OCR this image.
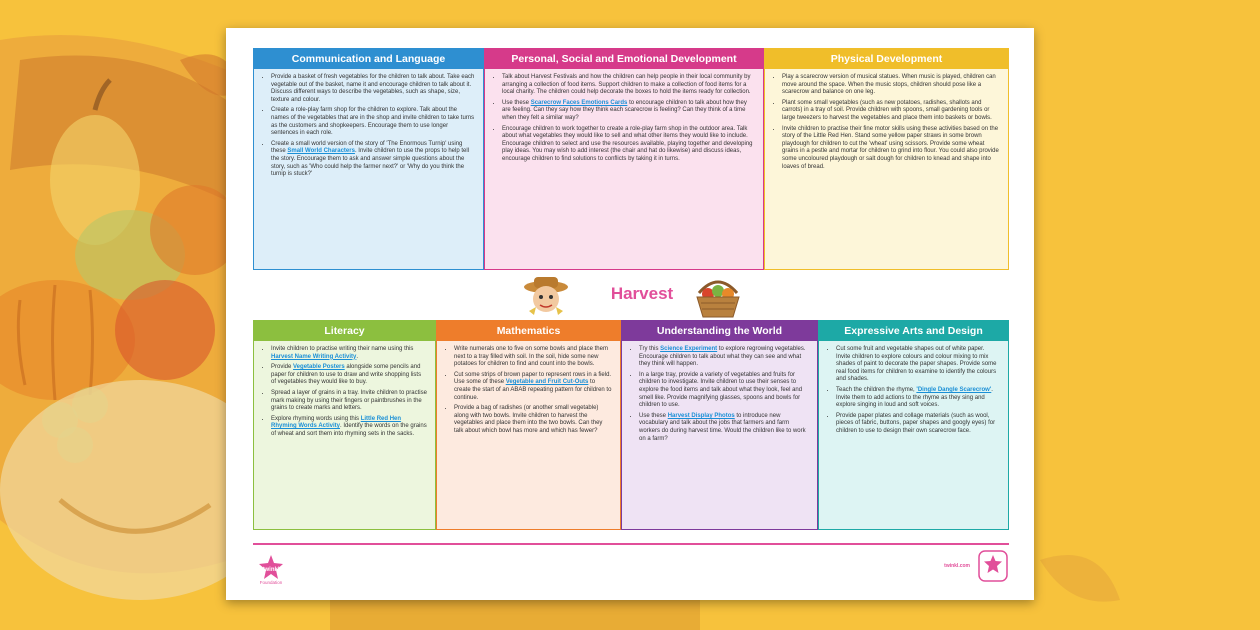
Communication and Language
• Provide a basket of fresh vegetables for the children to talk about. Take each vegetable out of the basket, name it and encourage children to talk about it. Discuss different ways to describe the vegetables, such as shape, size, texture and colour.
• Create a role-play farm shop for the children to explore. Talk about the names of the vegetables that are in the shop and invite children to take turns as the customers and shopkeepers. Encourage them to use longer sentences in each role.
• Create a small world version of the story of 'The Enormous Turnip' using these Small World Characters. Invite children to use the props to help tell the story. Encourage them to ask and answer simple questions about the story, such as 'Who could help the farmer next?' or 'Why do you think the turnip is stuck?'
Personal, Social and Emotional Development
• Talk about Harvest Festivals and how the children can help people in their local community by arranging a collection of food items. Support children to make a collection of food items for a local charity. The children could help decorate the boxes to hold the items ready for collection.
• Use these Scarecrow Faces Emotions Cards to encourage children to talk about how they are feeling. Can they say how they think each scarecrow is feeling? Can they think of a time when they felt a similar way?
• Encourage children to work together to create a role-play farm shop in the outdoor area. Talk about what vegetables they would like to sell and what other items they would like to include. Encourage children to select and use the resources available, playing together and developing play ideas. You may wish to add interest (the chair and hat do likewise) and discuss ideas, encourage children to find solutions to conflicts by taking it in turns.
Physical Development
• Play a scarecrow version of musical statues. When music is played, children can move around the space. When the music stops, children should pose like a scarecrow and balance on one leg.
• Plant some small vegetables (such as new potatoes, radishes, shallots and carrots) in a tray of soil. Provide children with spoons, small gardening tools or large tweezers to harvest the vegetables and place them into baskets or bowls.
• Invite children to practise their fine motor skills using these activities based on the story of the Little Red Hen. Stand some yellow paper straws in some brown playdough for children to cut the 'wheat' using scissors. Provide some wheat grains in a pestle and mortar for children to grind into flour. You could also provide some uncoloured playdough or salt dough for children to knead and shape into loaves of bread.
Harvest
Literacy
• Invite children to practise writing their name using this Harvest Name Writing Activity.
• Provide Vegetable Posters alongside some pencils and paper for children to use to draw and write shopping lists of vegetables they would like to buy.
• Spread a layer of grains in a tray. Invite children to practise mark making by using their fingers or paintbrushes in the grains to create marks and letters.
• Explore rhyming words using this Little Red Hen Rhyming Words Activity. Identify the words on the grains of wheat and sort them into rhyming sets in the sacks.
Mathematics
• Write numerals one to five on some bowls and place them next to a tray filled with soil. In the soil, hide some new potatoes for children to find and count into the bowls.
• Cut some strips of brown paper to represent rows in a field. Use some of these Vegetable and Fruit Cut-Outs to create the start of an ABAB repeating pattern for children to continue.
• Provide a bag of radishes (or another small vegetable) along with two bowls. Invite children to harvest the vegetables and place them into the two bowls. Can they talk about which bowl has more and which has fewer?
Understanding the World
• Try this Science Experiment to explore regrowing vegetables. Encourage children to talk about what they can see and what they think will happen.
• In a large tray, provide a variety of vegetables and fruits for children to investigate. Invite children to use their senses to explore the food items and talk about what they look, feel and smell like. Provide magnifying glasses, spoons and bowls for children to use.
• Use these Harvest Display Photos to introduce new vocabulary and talk about the jobs that farmers and farm workers do during harvest time. Would the children like to work on a farm?
Expressive Arts and Design
• Cut some fruit and vegetable shapes out of white paper. Invite children to explore colours and colour mixing to mix shades of paint to decorate the paper shapes. Provide some real food items for children to examine to identify the colours and shades.
• Teach the children the rhyme, 'Dingle Dangle Scarecrow'. Invite them to add actions to the rhyme as they sing and explore singing in loud and soft voices.
• Provide paper plates and collage materials (such as wool, pieces of fabric, buttons, paper shapes and googly eyes) for children to use to design their own scarecrow face.
twinkl
Foundation
twinkl.com
